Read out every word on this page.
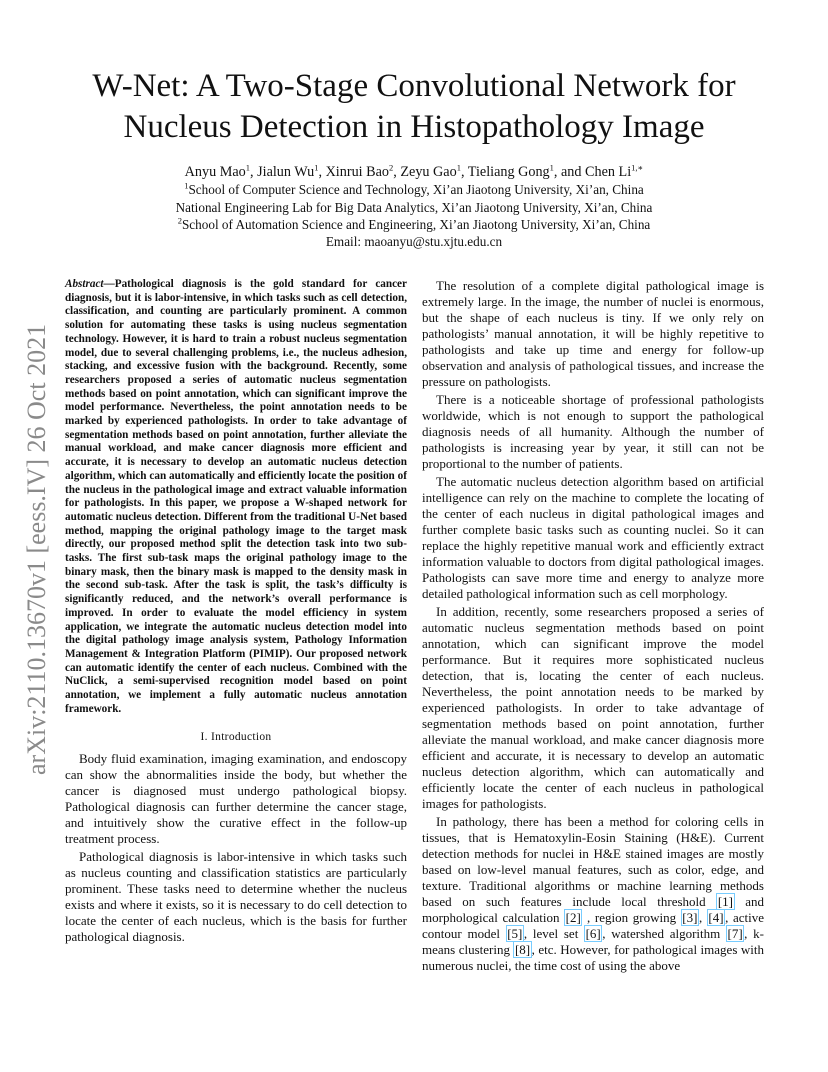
W-Net: A Two-Stage Convolutional Network for
Nucleus Detection in Histopathology Image
Anyu Mao$^1$, Jialun Wu$^1$, Xinrui Bao$^2$, Zeyu Gao$^1$, Tieliang Gong$^1$, and Chen $Li^{1,∗}$
$^1$School of Computer Science and Technology, Xi’an Jiaotong University, Xi’an, China
National Engineering Lab for Big Data Analytics, Xi’an Jiaotong University, Xi’an, China
$^2$School of Automation Science and Engineering, Xi’an Jiaotong University, Xi’an, China
Email: maoanyu@stu.xjtu.edu.cn
arXiv:2110.13670v1 [eess.IV] 26 Oct 2021

Abstract—Pathological diagnosis is the gold standard for cancer diagnosis, but it is labor-intensive, in which tasks such as cell detection, classification, and counting are particularly prominent. A common solution for automating these tasks is using nucleus segmentation technology. However, it is hard to train a robust nucleus segmentation model, due to several challenging problems, i.e., the nucleus adhesion, stacking, and excessive fusion with the background. Recently, some researchers proposed a series of automatic nucleus segmentation methods based on point annotation, which can significant improve the model performance. Nevertheless, the point annotation needs to be marked by experienced pathologists. In order to take advantage of segmentation methods based on point annotation, further alleviate the manual workload, and make cancer diagnosis more efficient and accurate, it is necessary to develop an automatic nucleus detection algorithm, which can automatically and efficiently locate the position of the nucleus in the pathological image and extract valuable information for pathologists. In this paper, we propose a W-shaped network for automatic nucleus detection. Different from the traditional U-Net based method, mapping the original pathology image to the target mask directly, our proposed method split the detection task into two sub-tasks. The first sub-task maps the original pathology image to the binary mask, then the binary mask is mapped to the density mask in the second sub-task. After the task is split, the task’s difficulty is significantly reduced, and the network’s overall performance is improved. In order to evaluate the model efficiency in system application, we integrate the automatic nucleus detection model into the digital pathology image analysis system, Pathology Information Management & Integration Platform (PIMIP). Our proposed network can automatic identify the center of each nucleus. Combined with the NuClick, a semi-supervised recognition model based on point annotation, we implement a fully automatic nucleus annotation framework.

I. Introduction

Body fluid examination, imaging examination, and endoscopy can show the abnormalities inside the body, but whether the cancer is diagnosed must undergo pathological biopsy. Pathological diagnosis can further determine the cancer stage, and intuitively show the curative effect in the follow-up treatment process.

Pathological diagnosis is labor-intensive in which tasks such as nucleus counting and classification statistics are particularly prominent. These tasks need to determine whether the nucleus exists and where it exists, so it is necessary to do cell detection to locate the center of each nucleus, which is the basis for further pathological diagnosis.

The resolution of a complete digital pathological image is extremely large. In the image, the number of nuclei is enormous, but the shape of each nucleus is tiny. If we only rely on pathologists’ manual annotation, it will be highly repetitive to pathologists and take up time and energy for follow-up observation and analysis of pathological tissues, and increase the pressure on pathologists.

There is a noticeable shortage of professional pathologists worldwide, which is not enough to support the pathological diagnosis needs of all humanity. Although the number of pathologists is increasing year by year, it still can not be proportional to the number of patients.

The automatic nucleus detection algorithm based on artificial intelligence can rely on the machine to complete the locating of the center of each nucleus in digital pathological images and further complete basic tasks such as counting nuclei. So it can replace the highly repetitive manual work and efficiently extract information valuable to doctors from digital pathological images. Pathologists can save more time and energy to analyze more detailed pathological information such as cell morphology.

In addition, recently, some researchers proposed a series of automatic nucleus segmentation methods based on point annotation, which can significant improve the model performance. But it requires more sophisticated nucleus detection, that is, locating the center of each nucleus. Nevertheless, the point annotation needs to be marked by experienced pathologists. In order to take advantage of segmentation methods based on point annotation, further alleviate the manual workload, and make cancer diagnosis more efficient and accurate, it is necessary to develop an automatic nucleus detection algorithm, which can automatically and efficiently locate the center of each nucleus in pathological images for pathologists.

In pathology, there has been a method for coloring cells in tissues, that is Hematoxylin-Eosin Staining (H&E). Current detection methods for nuclei in H&E stained images are mostly based on low-level manual features, such as color, edge, and texture. Traditional algorithms or machine learning methods based on such features include local threshold [1] and morphological calculation [2] , region growing [3] , [4] , active contour model [5] , level set [6] , watershed algorithm [7] , k-means clustering [8] , etc. However, for pathological images with numerous nuclei, the time cost of using the above
